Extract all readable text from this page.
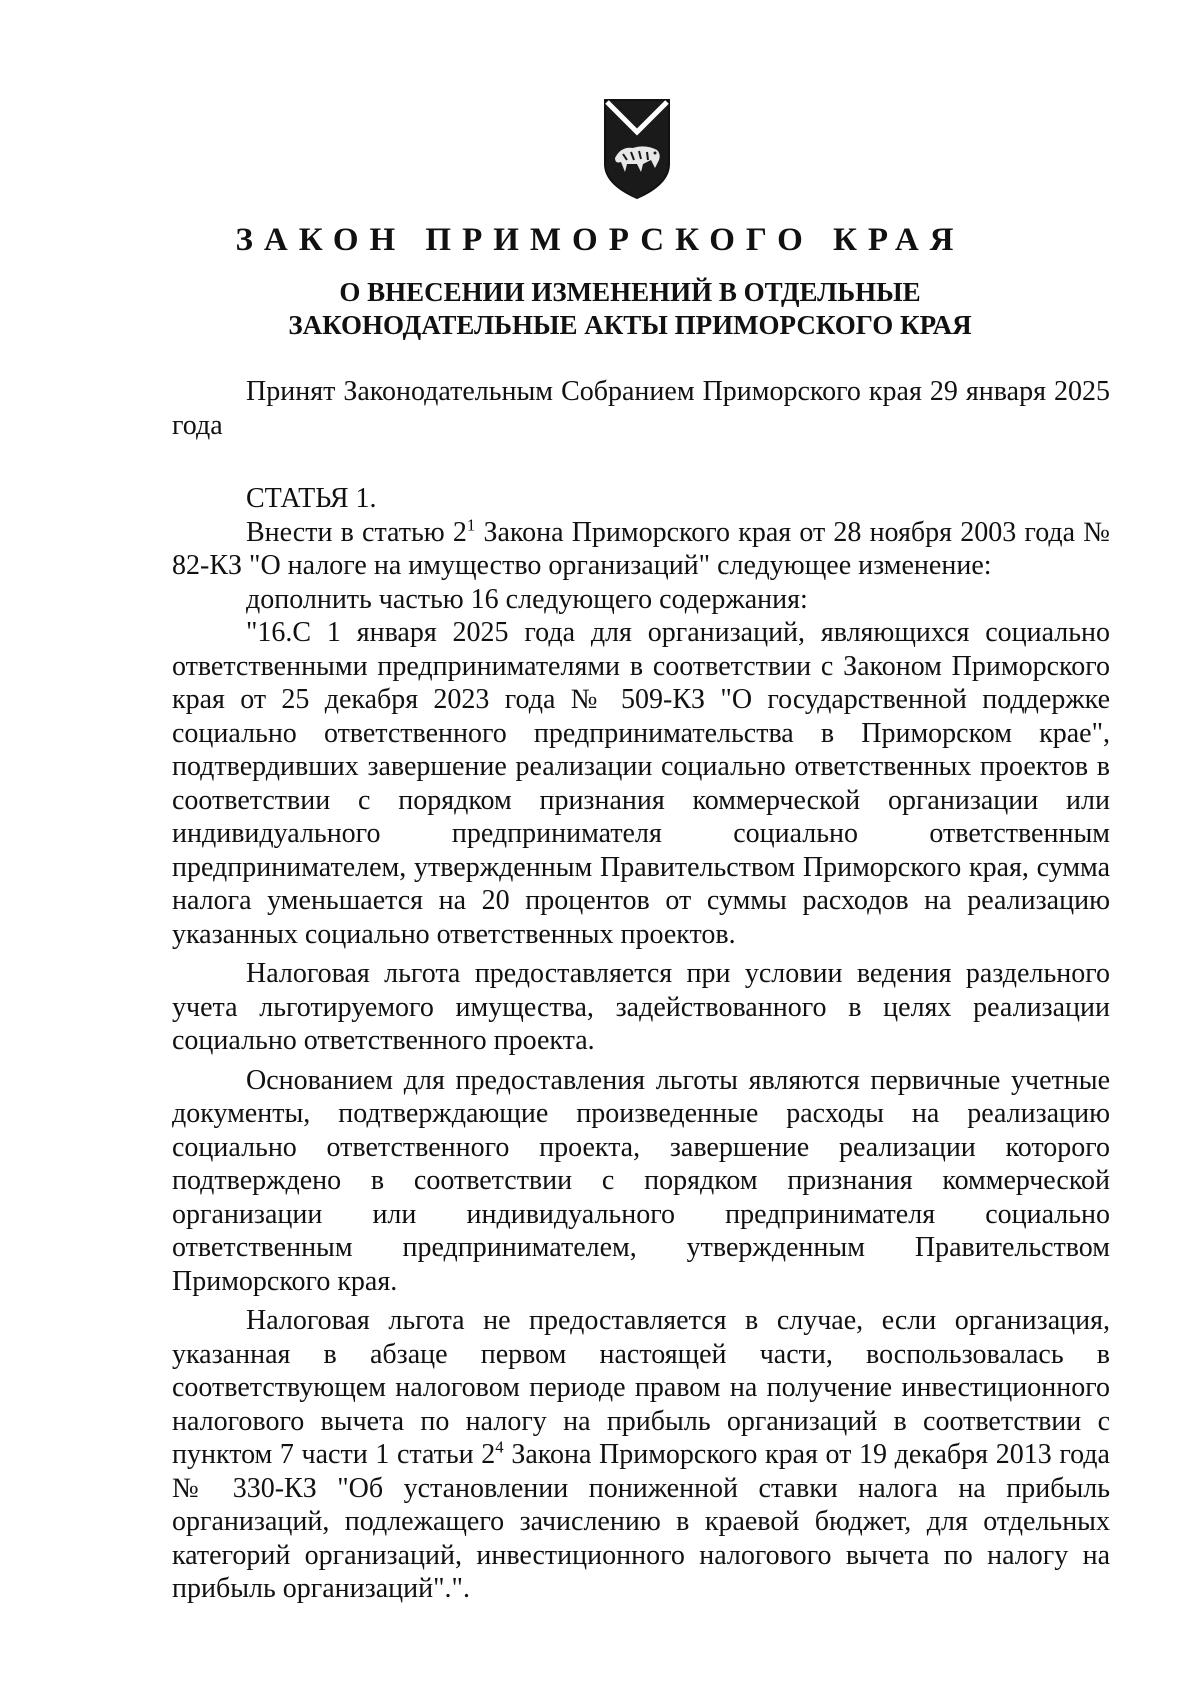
ЗАКОН ПРИМОРСКОГО КРАЯ
О ВНЕСЕНИИ ИЗМЕНЕНИЙ В ОТДЕЛЬНЫЕ
ЗАКОНОДАТЕЛЬНЫЕ АКТЫ ПРИМОРСКОГО КРАЯ

Принят Законодательным Собранием Приморского края 29 января 2025 года

СТАТЬЯ 1.

Внести в статью $2^1$ Закона Приморского края от 28 ноября 2003 года № 82-КЗ "О налоге на имущество организаций" следующее изменение:

дополнить частью 16 следующего содержания:

"16.С 1 января 2025 года для организаций, являющихся социально ответственными предпринимателями в соответствии с Законом Приморского края от 25 декабря 2023 года № 509-КЗ "О государственной поддержке социально ответственного предпринимательства в Приморском крае", подтвердивших завершение реализации социально ответственных проектов в соответствии с порядком признания коммерческой организации или индивидуального предпринимателя социально ответственным предпринимателем, утвержденным Правительством Приморского края, сумма налога уменьшается на 20 процентов от суммы расходов на реализацию указанных социально ответственных проектов.

Налоговая льгота предоставляется при условии ведения раздельного учета льготируемого имущества, задействованного в целях реализации социально ответственного проекта.

Основанием для предоставления льготы являются первичные учетные документы, подтверждающие произведенные расходы на реализацию социально ответственного проекта, завершение реализации которого подтверждено в соответствии с порядком признания коммерческой организации или индивидуального предпринимателя социально ответственным предпринимателем, утвержденным Правительством Приморского края.

Налоговая льгота не предоставляется в случае, если организация, указанная в абзаце первом настоящей части, воспользовалась в соответствующем налоговом периоде правом на получение инвестиционного налогового вычета по налогу на прибыль организаций в соответствии с пунктом 7 части 1 статьи $2^4$ Закона Приморского края от 19 декабря 2013 года № 330-КЗ "Об установлении пониженной ставки налога на прибыль организаций, подлежащего зачислению в краевой бюджет, для отдельных категорий организаций, инвестиционного налогового вычета по налогу на прибыль организаций".".
